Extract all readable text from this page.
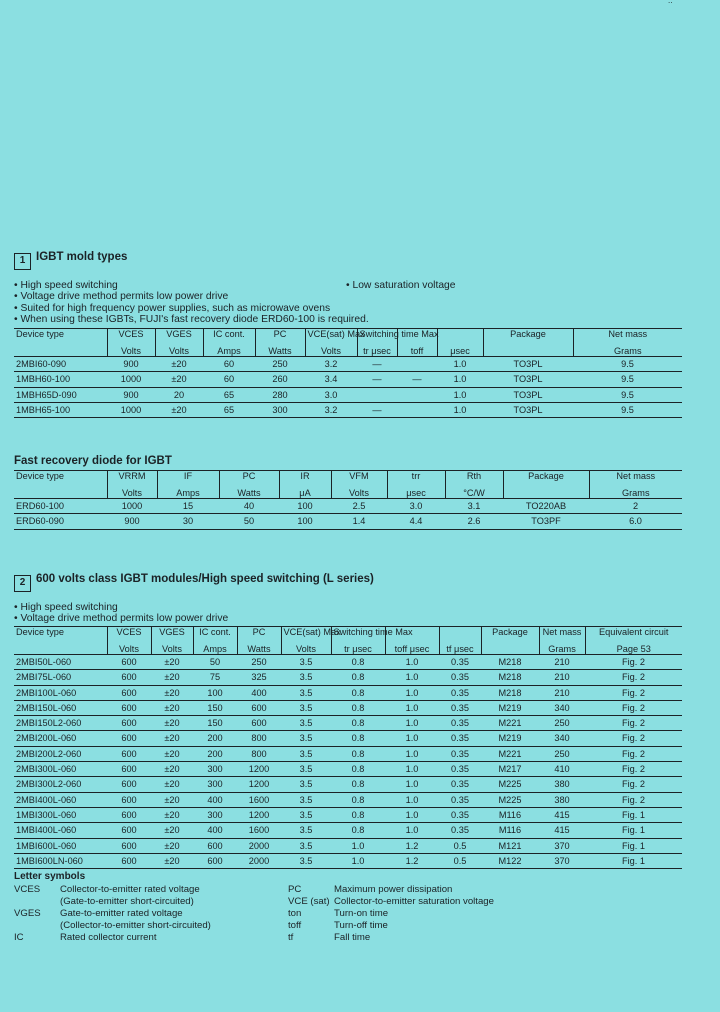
..
1 IGBT mold types
• High speed switching
• Voltage drive method permits low power drive
• Suited for high frequency power supplies, such as microwave ovens
• When using these IGBTs, FUJI's fast recovery diode ERD60-100 is required.
• Low saturation voltage
Device type	VCES	VGES	IC cont.	PC	VCE(sat) Max	Switching time Max			Package	Net mass
	Volts	Volts	Amps	Watts	Volts	tr μsec	toff	μsec		Grams
2MBI60-090	900	±20	60	250	3.2	—		1.0	TO3PL	9.5
1MBH60-100	1000	±20	60	260	3.4	—	—	1.0	TO3PL	9.5
1MBH65D-090	900	20	65	280	3.0			1.0	TO3PL	9.5
1MBH65-100	1000	±20	65	300	3.2	—		1.0	TO3PL	9.5
Fast recovery diode for IGBT
Device type	VRRM	IF	PC	IR	VFM	trr	Rth	Package	Net mass
	Volts	Amps	Watts	μA	Volts	μsec	°C/W		Grams
ERD60-100	1000	15	40	100	2.5	3.0	3.1	TO220AB	2
ERD60-090	900	30	50	100	1.4	4.4	2.6	TO3PF	6.0
2 600 volts class IGBT modules/High speed switching (L series)
• High speed switching
• Voltage drive method permits low power drive
Device type	VCES	VGES	IC cont.	PC	VCE(sat) Max	Switching time Max			Package	Net mass	Equivalent circuit
	Volts	Volts	Amps	Watts	Volts	tr μsec	toff μsec	tf μsec		Grams	Page 53
2MBI50L-060	600	±20	50	250	3.5	0.8	1.0	0.35	M218	210	Fig. 2
2MBI75L-060	600	±20	75	325	3.5	0.8	1.0	0.35	M218	210	Fig. 2
2MBI100L-060	600	±20	100	400	3.5	0.8	1.0	0.35	M218	210	Fig. 2
2MBI150L-060	600	±20	150	600	3.5	0.8	1.0	0.35	M219	340	Fig. 2
2MBI150L2-060	600	±20	150	600	3.5	0.8	1.0	0.35	M221	250	Fig. 2
2MBI200L-060	600	±20	200	800	3.5	0.8	1.0	0.35	M219	340	Fig. 2
2MBI200L2-060	600	±20	200	800	3.5	0.8	1.0	0.35	M221	250	Fig. 2
2MBI300L-060	600	±20	300	1200	3.5	0.8	1.0	0.35	M217	410	Fig. 2
2MBI300L2-060	600	±20	300	1200	3.5	0.8	1.0	0.35	M225	380	Fig. 2
2MBI400L-060	600	±20	400	1600	3.5	0.8	1.0	0.35	M225	380	Fig. 2
1MBI300L-060	600	±20	300	1200	3.5	0.8	1.0	0.35	M116	415	Fig. 1
1MBI400L-060	600	±20	400	1600	3.5	0.8	1.0	0.35	M116	415	Fig. 1
1MBI600L-060	600	±20	600	2000	3.5	1.0	1.2	0.5	M121	370	Fig. 1
1MBI600LN-060	600	±20	600	2000	3.5	1.0	1.2	0.5	M122	370	Fig. 1
Letter symbols
VCES Collector-to-emitter rated voltage
(Gate-to-emitter short-circuited)
VGES Gate-to-emitter rated voltage
(Collector-to-emitter short-circuited)
IC	Rated collector current
PC	Maximum power dissipation
VCE (sat) Collector-to-emitter saturation voltage
ton	Turn-on time
toff	Turn-off time
tf	Fall time
